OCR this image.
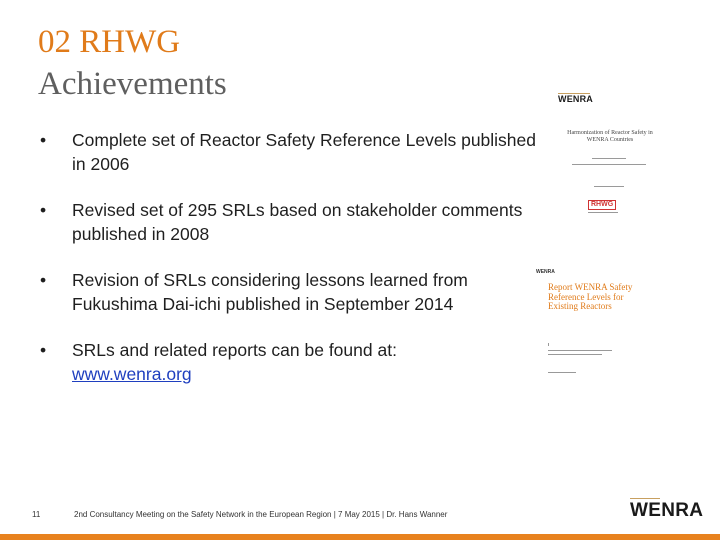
02 RHWG
Achievements
• Complete set of Reactor Safety Reference Levels published in 2006
• Revised set of 295 SRLs based on stakeholder comments published in 2008
• Revision of SRLs considering lessons learned from Fukushima Dai-ichi published in September 2014
• SRLs and related reports can be found at:
www.wenra.org
WENRA
Harmonization of Reactor Safety in WENRA Countries
RHWG
WENRA
Report WENRA Safety Reference Levels for Existing Reactors
11	2nd Consultancy Meeting on the Safety Network in the European Region | 7 May 2015 | Dr. Hans Wanner	WENRA
